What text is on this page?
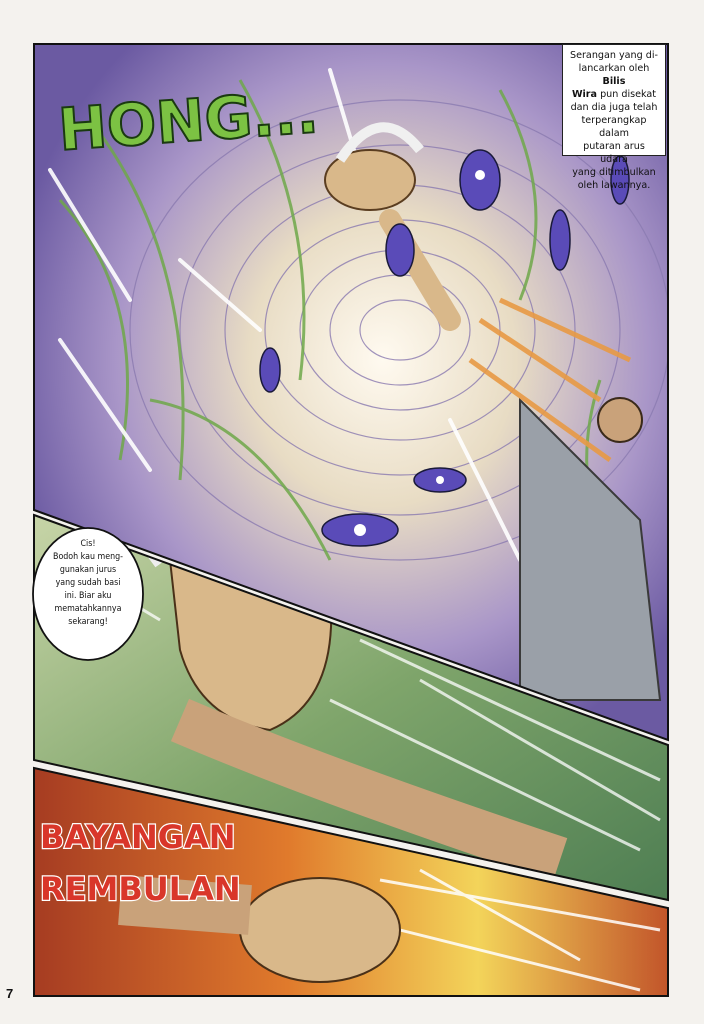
HONG...
BAYANGAN
REMBULAN
Serangan yang di-
lancarkan oleh Bilis
Wira pun disekat
dan dia juga telah
terperangkap dalam
putaran arus udara
yang ditimbulkan
oleh lawannya.
Cis!
Bodoh kau meng-
gunakan jurus
yang sudah basi
ini. Biar aku
mematahkannya
sekarang!
7
